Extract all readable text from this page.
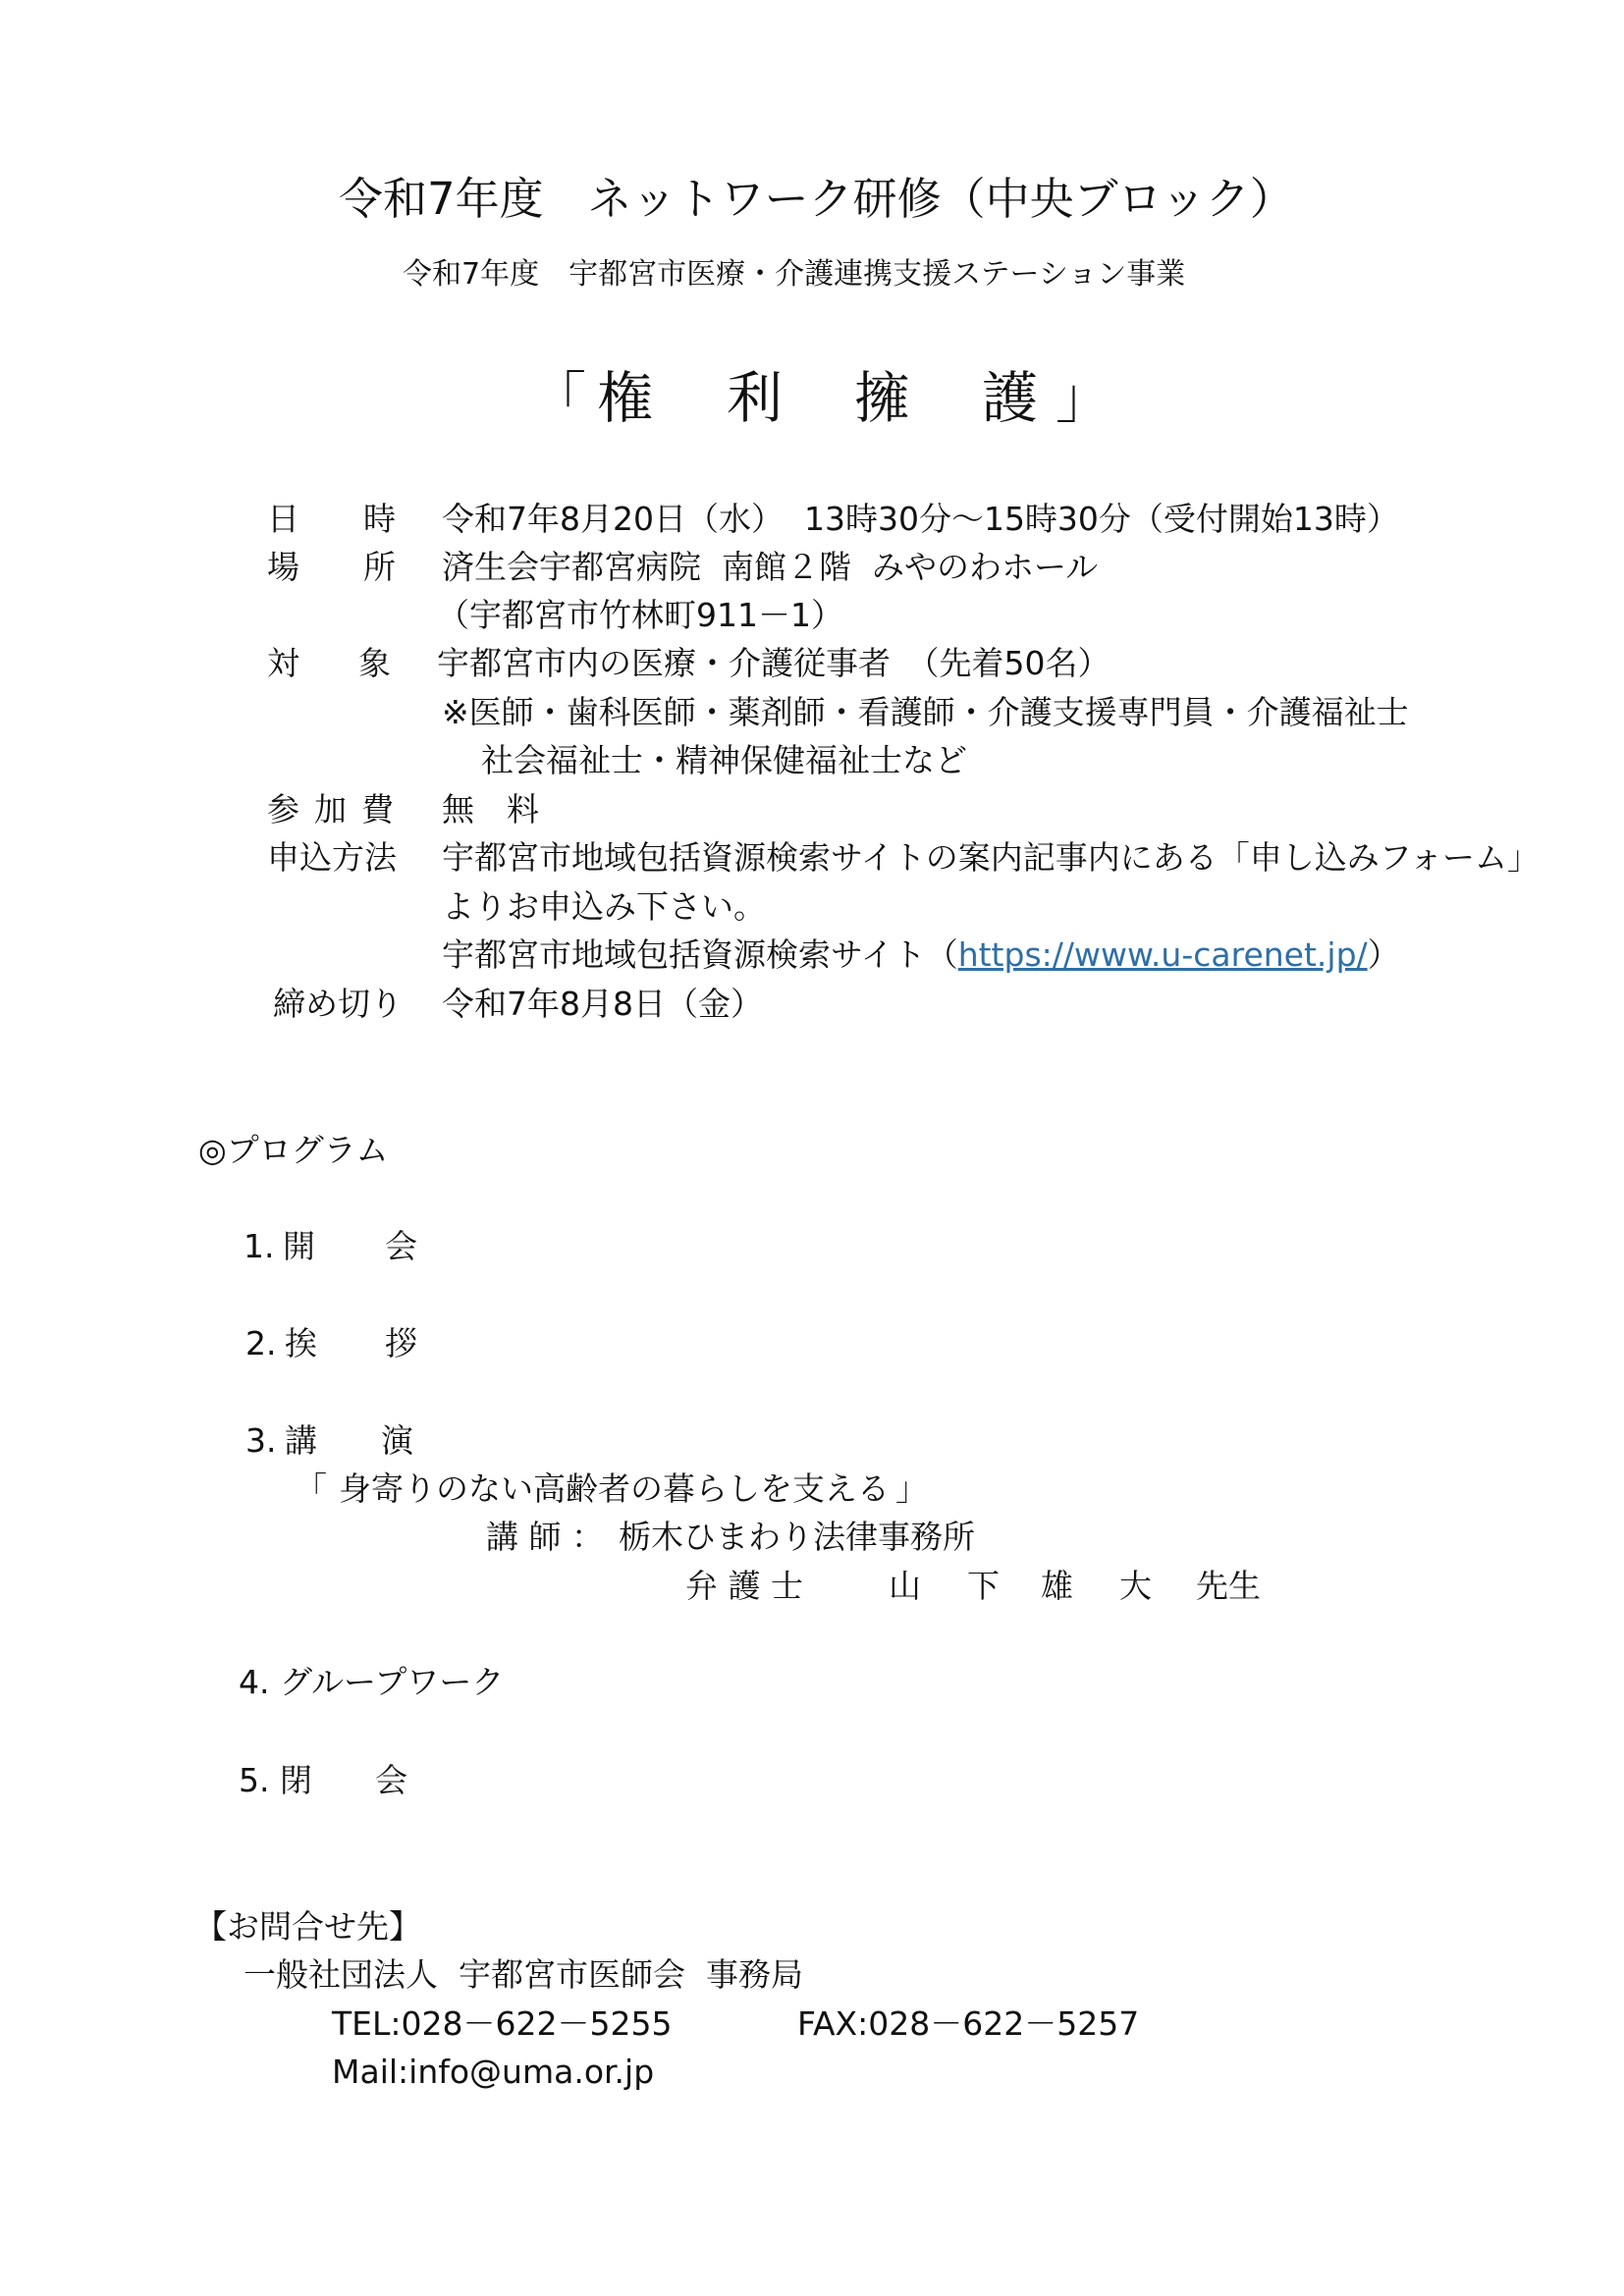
令和7年度　ネットワーク研修（中央ブロック）
令和7年度　宇都宮市医療・介護連携支援ステーション事業
「 権 利 擁 護 」
日 時 令和7年8月20日（水）  13時30分～15時30分（受付開始13時）
場 所 済生会宇都宮病院  南館２階  みやのわホール
（宇都宮市竹林町911－1）
対 象 宇都宮市内の医療・介護従事者　（先着50名）
※医師・歯科医師・薬剤師・看護師・介護支援専門員・介護福祉士
社会福祉士・精神保健福祉士など
参 加 費 無　料
申込方法 宇都宮市地域包括資源検索サイトの案内記事内にある「申し込みフォーム」
よりお申込み下さい。
宇都宮市地域包括資源検索サイト（https://www.u-carenet.jp/）
締め切り 令和7年8月8日（金）
◎プログラム
1. 開 会
2. 挨 拶
3. 講 演
「 身寄りのない高齢者の暮らしを支える 」
講 師 ： 栃木ひまわり法律事務所
弁 護 士	山 下 雄 大 先生
4. グループワーク
5. 閉 会
【お問合せ先】
一般社団法人  宇都宮市医師会  事務局
TEL:028－622－5255	FAX:028－622－5257
Mail:info@uma.or.jp
